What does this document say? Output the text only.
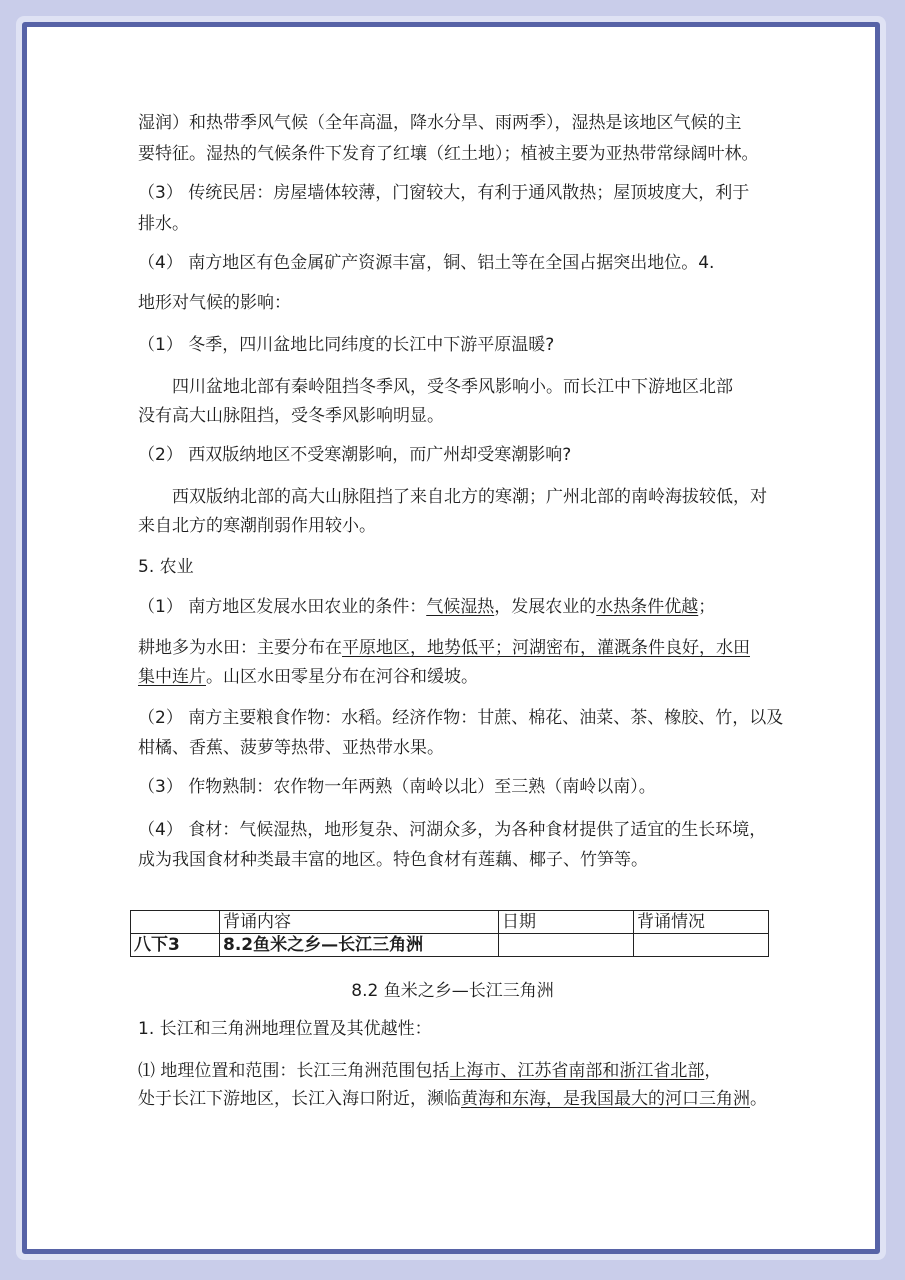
湿润）和热带季风气候（全年高温，降水分旱、雨两季），湿热是该地区气候的主

要特征。湿热的气候条件下发育了红壤（红土地）；植被主要为亚热带常绿阔叶林。

（3） 传统民居：房屋墙体较薄，门窗较大，有利于通风散热；屋顶坡度大，利于

排水。

（4） 南方地区有色金属矿产资源丰富，铜、铝土等在全国占据突出地位。4.

地形对气候的影响：

（1） 冬季，四川盆地比同纬度的长江中下游平原温暖?

四川盆地北部有秦岭阻挡冬季风，受冬季风影响小。而长江中下游地区北部

没有高大山脉阻挡，受冬季风影响明显。

（2） 西双版纳地区不受寒潮影响，而广州却受寒潮影响?

西双版纳北部的高大山脉阻挡了来自北方的寒潮；广州北部的南岭海拔较低，对

来自北方的寒潮削弱作用较小。

5. 农业

（1） 南方地区发展水田农业的条件：气候湿热，发展农业的水热条件优越；

耕地多为水田：主要分布在平原地区，地势低平；河湖密布，灌溉条件良好，水田

集中连片。山区水田零星分布在河谷和缓坡。

（2） 南方主要粮食作物：水稻。经济作物：甘蔗、棉花、油菜、茶、橡胶、竹，以及

柑橘、香蕉、菠萝等热带、亚热带水果。

（3） 作物熟制：农作物一年两熟（南岭以北）至三熟（南岭以南）。

（4） 食材：气候湿热，地形复杂、河湖众多，为各种食材提供了适宜的生长环境，

成为我国食材种类最丰富的地区。特色食材有莲藕、椰子、竹笋等。

	背诵内容	日期	背诵情况
八下3	8.2鱼米之乡—长江三角洲		
8.2 鱼米之乡—长江三角洲

1. 长江和三角洲地理位置及其优越性：

⑴ 地理位置和范围：长江三角洲范围包括上海市、江苏省南部和浙江省北部，

处于长江下游地区，长江入海口附近，濒临黄海和东海，是我国最大的河口三角洲。
